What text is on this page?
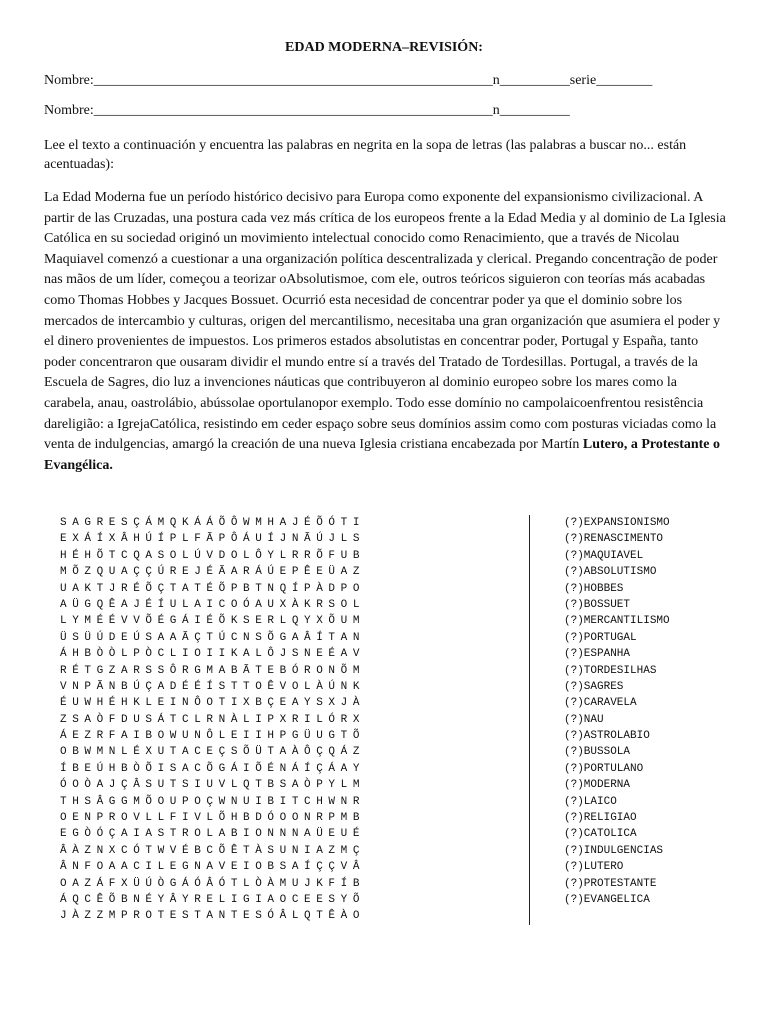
EDAD MODERNA–REVISIÓN:
Nombre:_________________________________________________________n__________serie________
Nombre:_________________________________________________________n__________
Lee el texto a continuación y encuentra las palabras en negrita en la sopa de letras (las palabras a buscar no... están acentuadas):
La Edad Moderna fue un período histórico decisivo para Europa como exponente del expansionismo civilizacional. A partir de las Cruzadas, una postura cada vez más crítica de los europeos frente a la Edad Media y al dominio de La Iglesia Católica en su sociedad originó un movimiento intelectual conocido como Renacimiento, que a través de Nicolau Maquiavel comenzó a cuestionar a una organización política descentralizada y clerical. Pregando concentração de poder nas mãos de um líder, começou a teorizar oAbsolutismoe, com ele, outros teóricos siguieron con teorías más acabadas como Thomas Hobbes y Jacques Bossuet. Ocurrió esta necesidad de concentrar poder ya que el dominio sobre los mercados de intercambio y culturas, origen del mercantilismo, necesitaba una gran organización que asumiera el poder y el dinero provenientes de impuestos. Los primeros estados absolutistas en concentrar poder, Portugal y España, tanto poder concentraron que ousaram dividir el mundo entre sí a través del Tratado de Tordesillas. Portugal, a través de la Escuela de Sagres, dio luz a invenciones náuticas que contribuyeron al dominio europeo sobre los mares como la carabela, anau, oastrolábio, abússolae oportulanopor exemplo. Todo esse domínio no campolaicoenfrentou resistência dareligião: a IgrejaCatólica, resistindo em ceder espaço sobre seus domínios assim como com posturas viciadas como la venta de indulgencias, amargó la creación de una nueva Iglesia cristiana encabezada por Martín Lutero, a Protestante o Evangélica.
SAGRESÇÁMQKÁÁÕÔWMHAJÉÕÓTI
EXÁÍXÂHÚÍPLFÃPÔÁUÍJNÃÚJLS
HÉHÕTCQASOLÚVDOLÔYLRRÕFUB
MÕZQUAÇÇÚREJÉÃARÁÚEPÊEÜAZ
UAKTJRÉÕÇTATÉÕPBTNQÍPÀDPO
AÜGQÊAJÉÍULAICOÓAUXÀKRSOL
LYMÉÉVVÕÉGÁIÉÕKSERLQYXÕUM
ÜSÜÚDEÚSAAÃÇTÚCNSÕGAÂÍTAN
ÁHBÒÒLPÒCLIOIIKALÔJSNEÉAV
RÉTGZARSSÔRGMABÃTEBÓRONÕM
VNPÃNBÚÇADÉÉÍSTTOÊVOLÀÚNK
ÉUWHÉHKLEINÔOTIXBÇEAYSXJÀ
ZSAÒFDUSÁTCLRNÀLIPXRILÓRX
ÁEZRFAIBOWUNÔLEIIHPGÜUGTÕ
OBWMNLÉXUTACEÇSÕÜTAÀÔÇQÁZ
ÍBEÚHBÒÕISACÕGÁIÕÉNÁÍÇÁAY
ÓOÒAJÇÂSUTSIUVLQTBSAÒPYLM
THSÂGGMÕOUPOÇWNUIBITCHWNR
OENPROVLLFIVLÕHBDÓOONRPMB
EGÒÓÇAIASTROLABIONNNAÜEUÉ
ÂÀZNXCÓTWVÉBCÕÊTÀSUNIAZMÇ
ÂNFOAACILEGNAVEIOBSAÍÇÇVÂ
OAZÁFXÜÚÒGÁÓÂÓTLÒÀMUJKFÍB
ÁQCÊÕBNÉYÂYRELIGIAOCEESYÕ
JÀZZMPROTESTANTESÓÂLQTÊÀO
(?)EXPANSIONISMO
(?)RENASCIMENTO
(?)MAQUIAVEL
(?)ABSOLUTISMO
(?)HOBBES
(?)BOSSUET
(?)MERCANTILISMO
(?)PORTUGAL
(?)ESPANHA
(?)TORDESILHAS
(?)SAGRES
(?)CARAVELA
(?)NAU
(?)ASTROLABIO
(?)BUSSOLA
(?)PORTULANO
(?)MODERNA
(?)LAICO
(?)RELIGIAO
(?)CATOLICA
(?)INDULGENCIAS
(?)LUTERO
(?)PROTESTANTE
(?)EVANGELICA
